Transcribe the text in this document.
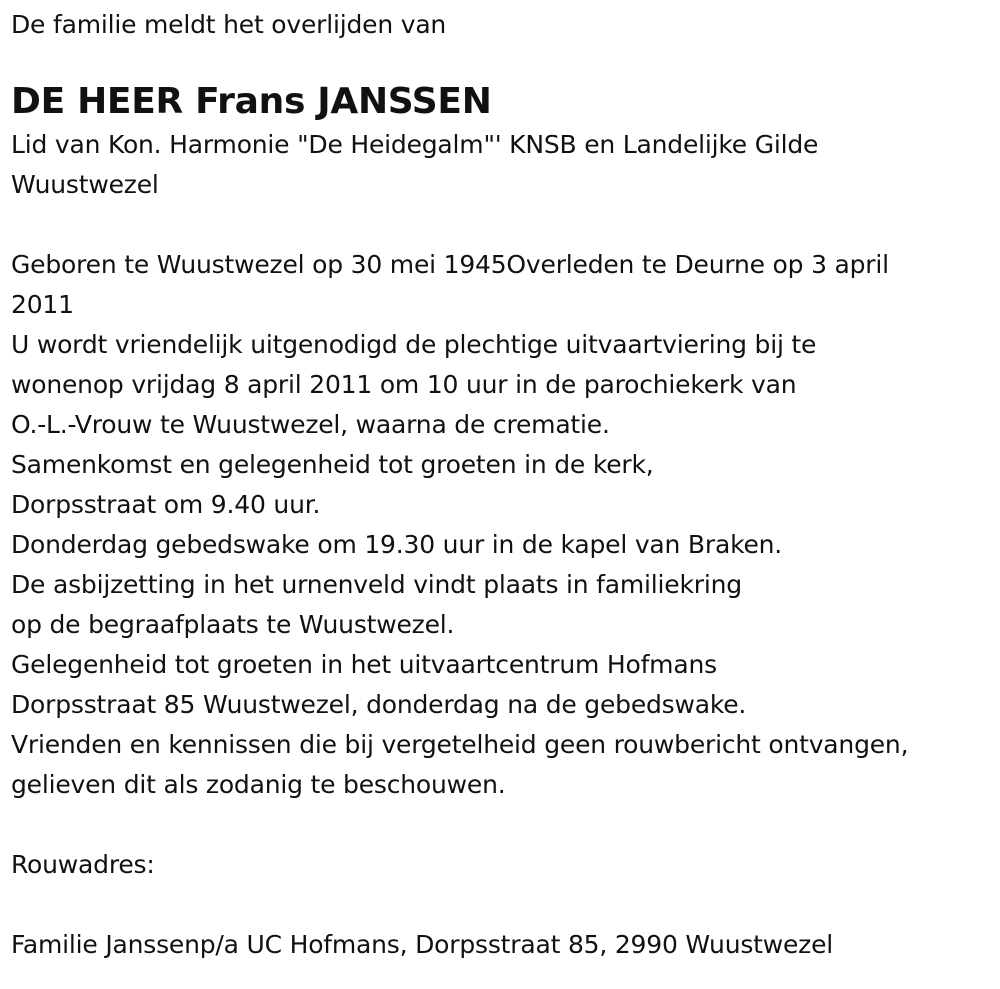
De familie meldt het overlijden van
DE HEER Frans JANSSEN
Lid van Kon. Harmonie "De Heidegalm"' KNSB en Landelijke Gilde
Wuustwezel
Geboren te Wuustwezel op 30 mei 1945Overleden te Deurne op 3 april
2011
U wordt vriendelijk uitgenodigd de plechtige uitvaartviering bij te
wonenop vrijdag 8 april 2011 om 10 uur in de parochiekerk van
O.-L.-Vrouw te Wuustwezel, waarna de crematie.
Samenkomst en gelegenheid tot groeten in de kerk,
Dorpsstraat om 9.40 uur.
Donderdag gebedswake om 19.30 uur in de kapel van Braken.
De asbijzetting in het urnenveld vindt plaats in familiekring
op de begraafplaats te Wuustwezel.
Gelegenheid tot groeten in het uitvaartcentrum Hofmans
Dorpsstraat 85 Wuustwezel, donderdag na de gebedswake.
Vrienden en kennissen die bij vergetelheid geen rouwbericht ontvangen,
gelieven dit als zodanig te beschouwen.
Rouwadres:
Familie Janssenp/a UC Hofmans, Dorpsstraat 85, 2990 Wuustwezel
